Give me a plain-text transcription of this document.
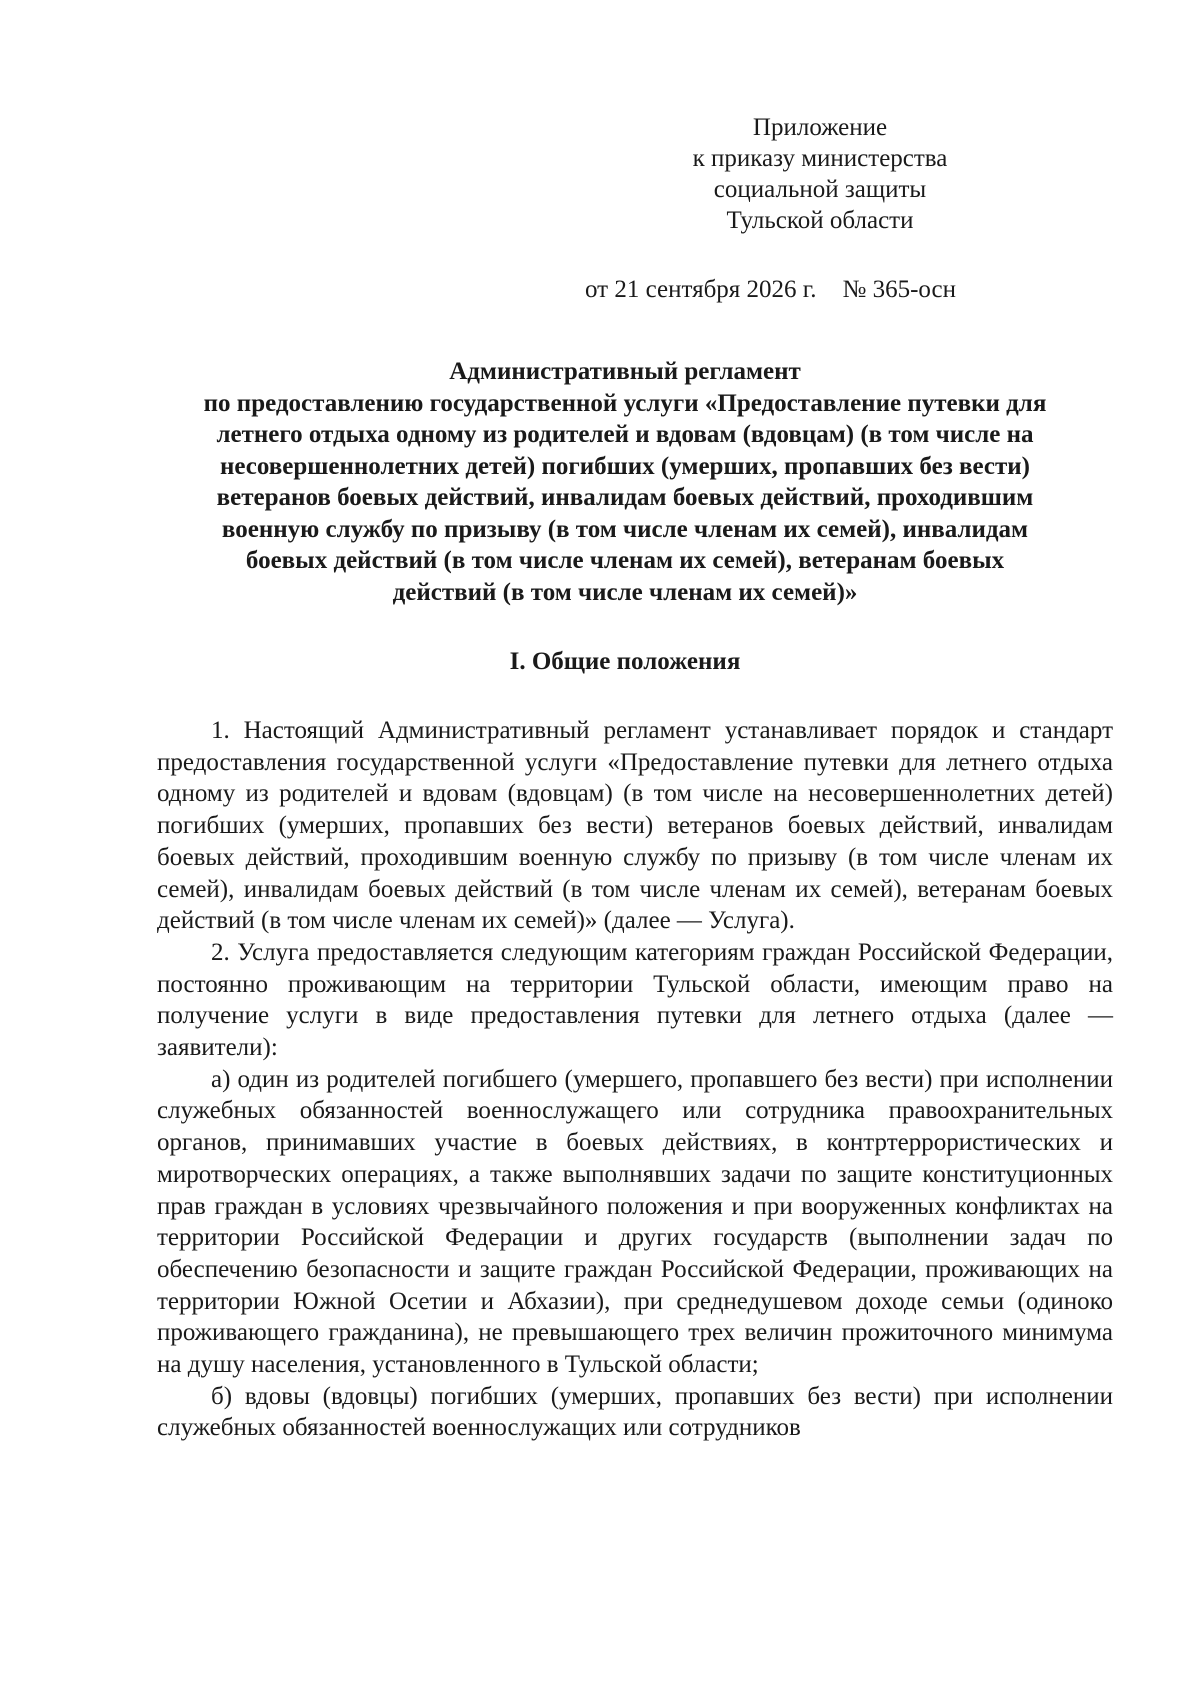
Приложение
к приказу министерства
социальной защиты
Тульской области
от 21 сентября 2026 г. № 365-осн
Административный регламент
по предоставлению государственной услуги «Предоставление путевки для
летнего отдыха одному из родителей и вдовам (вдовцам) (в том числе на
несовершеннолетних детей) погибших (умерших, пропавших без вести)
ветеранов боевых действий, инвалидам боевых действий, проходившим
военную службу по призыву (в том числе членам их семей), инвалидам
боевых действий (в том числе членам их семей), ветеранам боевых
действий (в том числе членам их семей)»
I. Общие положения

1. Настоящий Административный регламент устанавливает порядок и стандарт предоставления государственной услуги «Предоставление путевки для летнего отдыха одному из родителей и вдовам (вдовцам) (в том числе на несовершеннолетних детей) погибших (умерших, пропавших без вести) ветеранов боевых действий, инвалидам боевых действий, проходившим военную службу по призыву (в том числе членам их семей), инвалидам боевых действий (в том числе членам их семей), ветеранам боевых действий (в том числе членам их семей)» (далее — Услуга).

2. Услуга предоставляется следующим категориям граждан Российской Федерации, постоянно проживающим на территории Тульской области, имеющим право на получение услуги в виде предоставления путевки для летнего отдыха (далее — заявители):

а) один из родителей погибшего (умершего, пропавшего без вести) при исполнении служебных обязанностей военнослужащего или сотрудника правоохранительных органов, принимавших участие в боевых действиях, в контртеррористических и миротворческих операциях, а также выполнявших задачи по защите конституционных прав граждан в условиях чрезвычайного положения и при вооруженных конфликтах на территории Российской Федерации и других государств (выполнении задач по обеспечению безопасности и защите граждан Российской Федерации, проживающих на территории Южной Осетии и Абхазии), при среднедушевом доходе семьи (одиноко проживающего гражданина), не превышающего трех величин прожиточного минимума на душу населения, установленного в Тульской области;

б) вдовы (вдовцы) погибших (умерших, пропавших без вести) при исполнении служебных обязанностей военнослужащих или сотрудников
